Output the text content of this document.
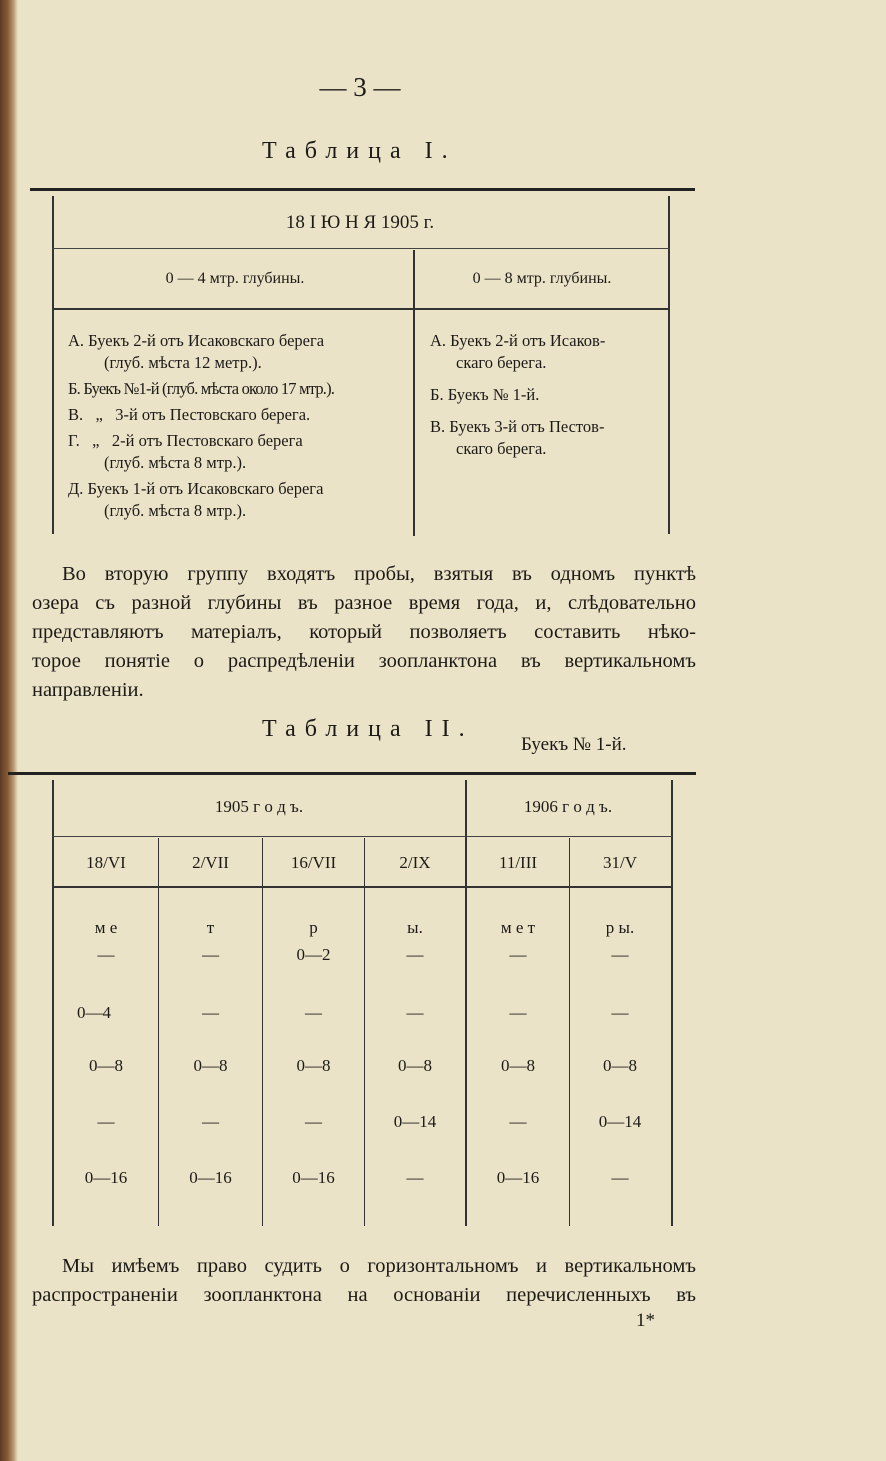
— 3 —
Таблица I.
18 I Ю Н Я 1905 г.
0 — 4 мтр. глубины.	0 — 8 мтр. глубины.
А. Буекъ 2-й отъ Исаковскаго берега
(глуб. мѣста 12 метр.).
Б. Буекъ №1-й (глуб. мѣста около 17 мтр.).
В.   „   3-й отъ Пестовскаго берега.
Г.   „   2-й отъ Пестовскаго берега
(глуб. мѣста 8 мтр.).
Д. Буекъ 1-й отъ Исаковскаго берега
(глуб. мѣста 8 мтр.).
А. Буекъ 2-й отъ Исаков-
скаго берега.
Б. Буекъ № 1-й.
В. Буекъ 3-й отъ Пестов-
скаго берега.
Во вторую группу входятъ пробы, взятыя въ одномъ пунктѣ
озера съ разной глубины въ разное время года, и, слѣдовательно
представляютъ матеріалъ, который позволяетъ составить нѣко-
торое понятіе о распредѣленіи зоопланктона въ вертикальномъ
направленіи.
Таблица II.
Буекъ № 1-й.
1905 г о д ъ.	1906 г о д ъ.
18/VI	2/VII	16/VII	2/IX	11/III	31/V
м е	т	р	ы.	м е т	р ы.
—	—	0—2	—	—	—
0—4	—	—	—	—	—
0—8	0—8	0—8	0—8	0—8	0—8
—	—	—	0—14	—	0—14
0—16	0—16	0—16	—	0—16	—
Мы имѣемъ право судить о горизонтальномъ и вертикальномъ
распространеніи зоопланктона на основаніи перечисленныхъ въ
1*
